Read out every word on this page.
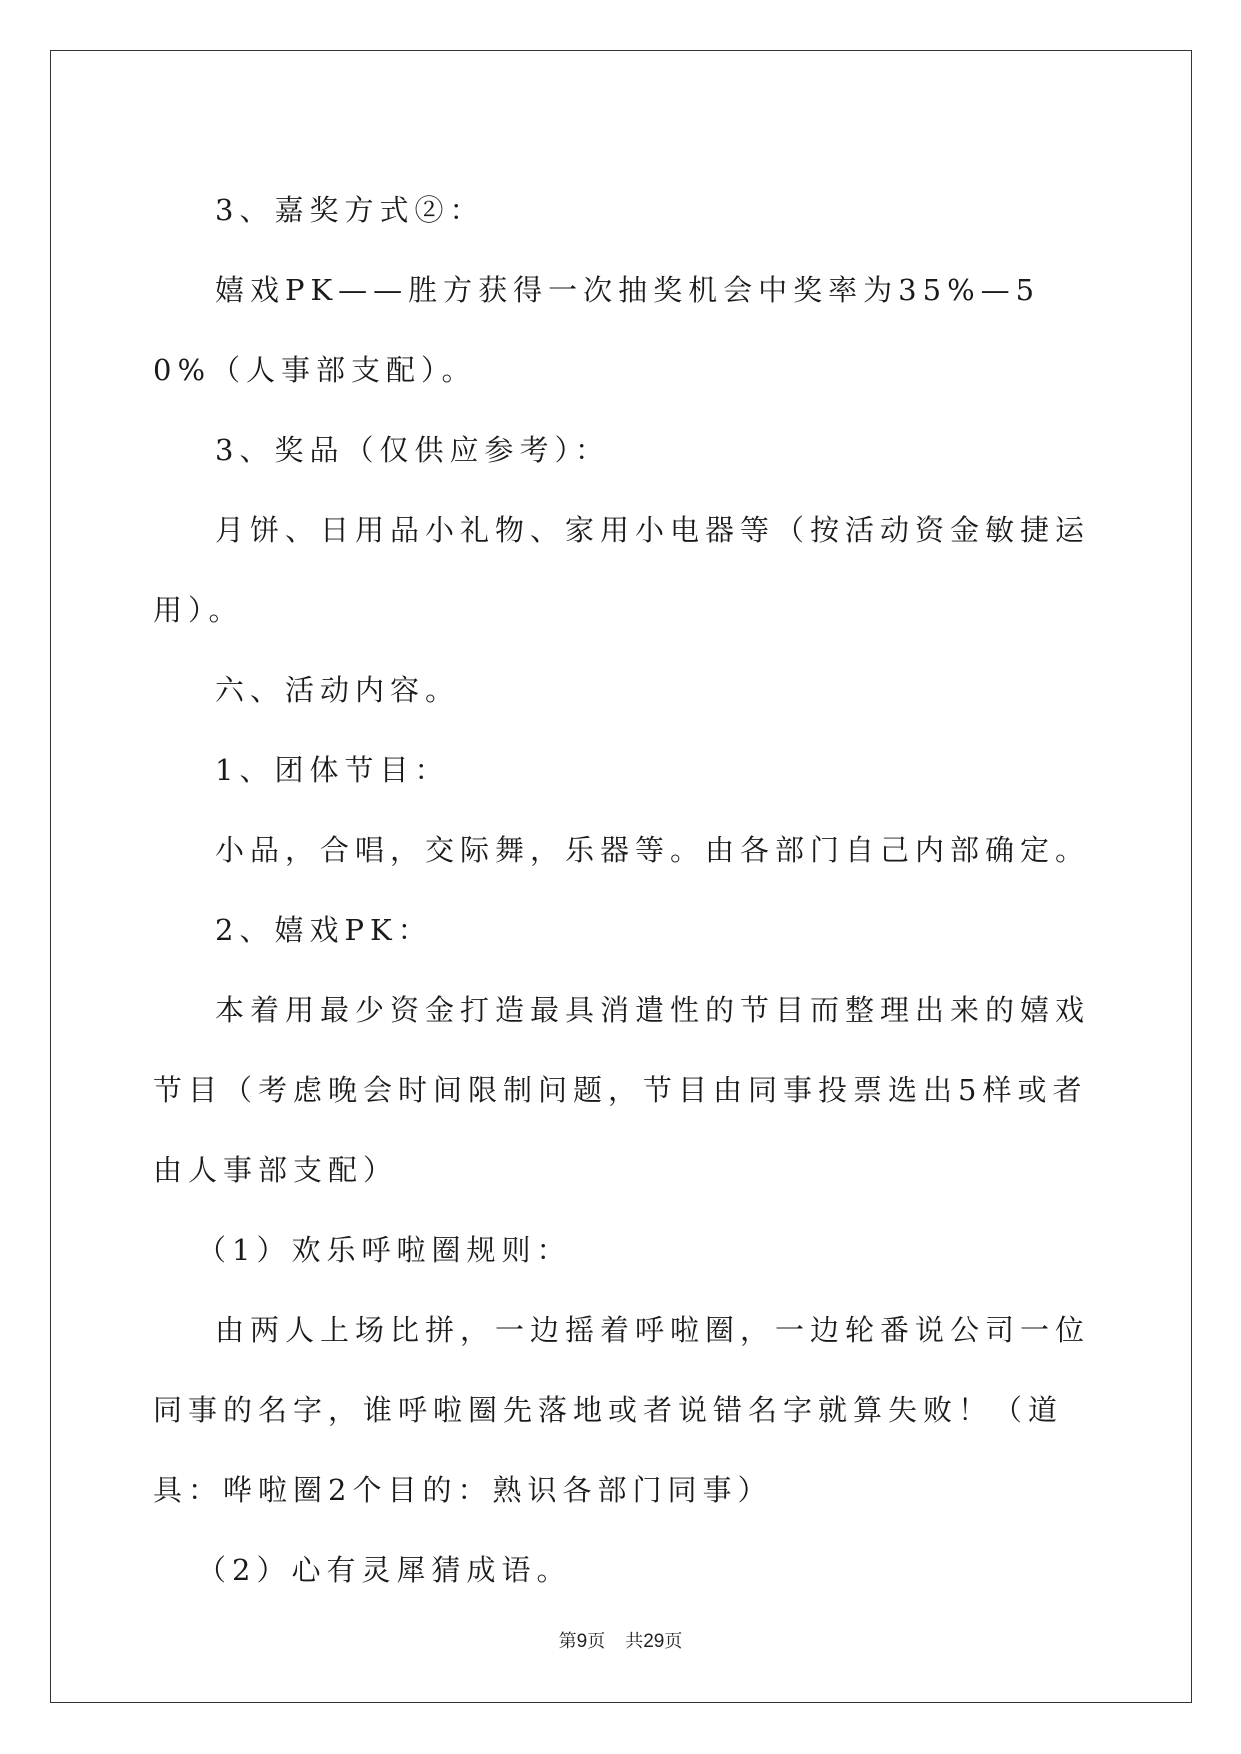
3、嘉奖方式②：

嬉戏PK——胜方获得一次抽奖机会中奖率为35%—50%（人事部支配）。

3、奖品（仅供应参考）：

月饼、日用品小礼物、家用小电器等（按活动资金敏捷运用）。

六、活动内容。

1、团体节目：

小品，合唱，交际舞，乐器等。由各部门自己内部确定。

2、嬉戏PK：

本着用最少资金打造最具消遣性的节目而整理出来的嬉戏节目（考虑晚会时间限制问题，节目由同事投票选出5样或者由人事部支配）

（1）欢乐呼啦圈规则：

由两人上场比拼，一边摇着呼啦圈，一边轮番说公司一位同事的名字，谁呼啦圈先落地或者说错名字就算失败！（道具：哗啦圈2个目的：熟识各部门同事）

（2）心有灵犀猜成语。

第9页 共29页
